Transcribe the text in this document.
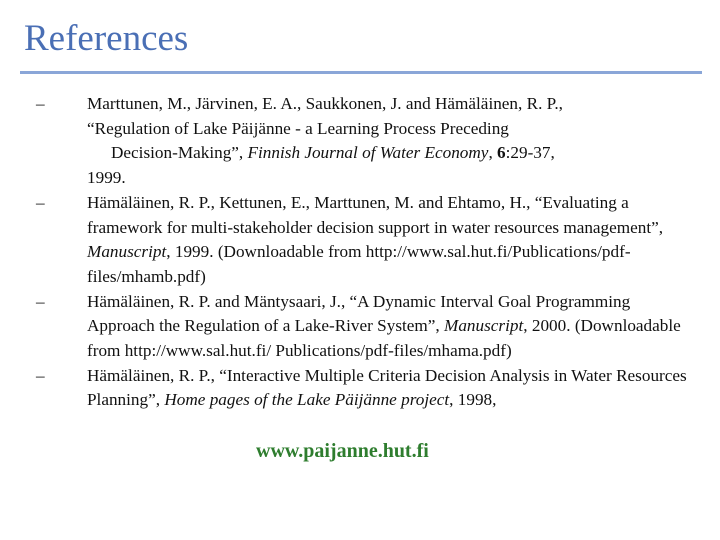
References
–	Marttunen, M., Järvinen, E. A., Saukkonen, J. and Hämäläinen, R. P.,
“Regulation of Lake Päijänne - a Learning Process Preceding
Decision-Making”, Finnish Journal of Water Economy, 6:29-37,
1999.
–	Hämäläinen, R. P., Kettunen, E., Marttunen, M. and Ehtamo, H., “Evaluating a framework for multi-stakeholder decision support in water resources management”, Manuscript, 1999. (Downloadable from http://www.sal.hut.fi/Publications/pdf-files/mhamb.pdf)
–	Hämäläinen, R. P. and Mäntysaari, J., “A Dynamic Interval Goal Programming Approach the Regulation of a Lake-River System”, Manuscript, 2000. (Downloadable from http://www.sal.hut.fi/ Publications/pdf-files/mhama.pdf)
–	Hämäläinen, R. P., “Interactive Multiple Criteria Decision Analysis in Water Resources Planning”, Home pages of the Lake Päijänne project, 1998,
www.paijanne.hut.fi
